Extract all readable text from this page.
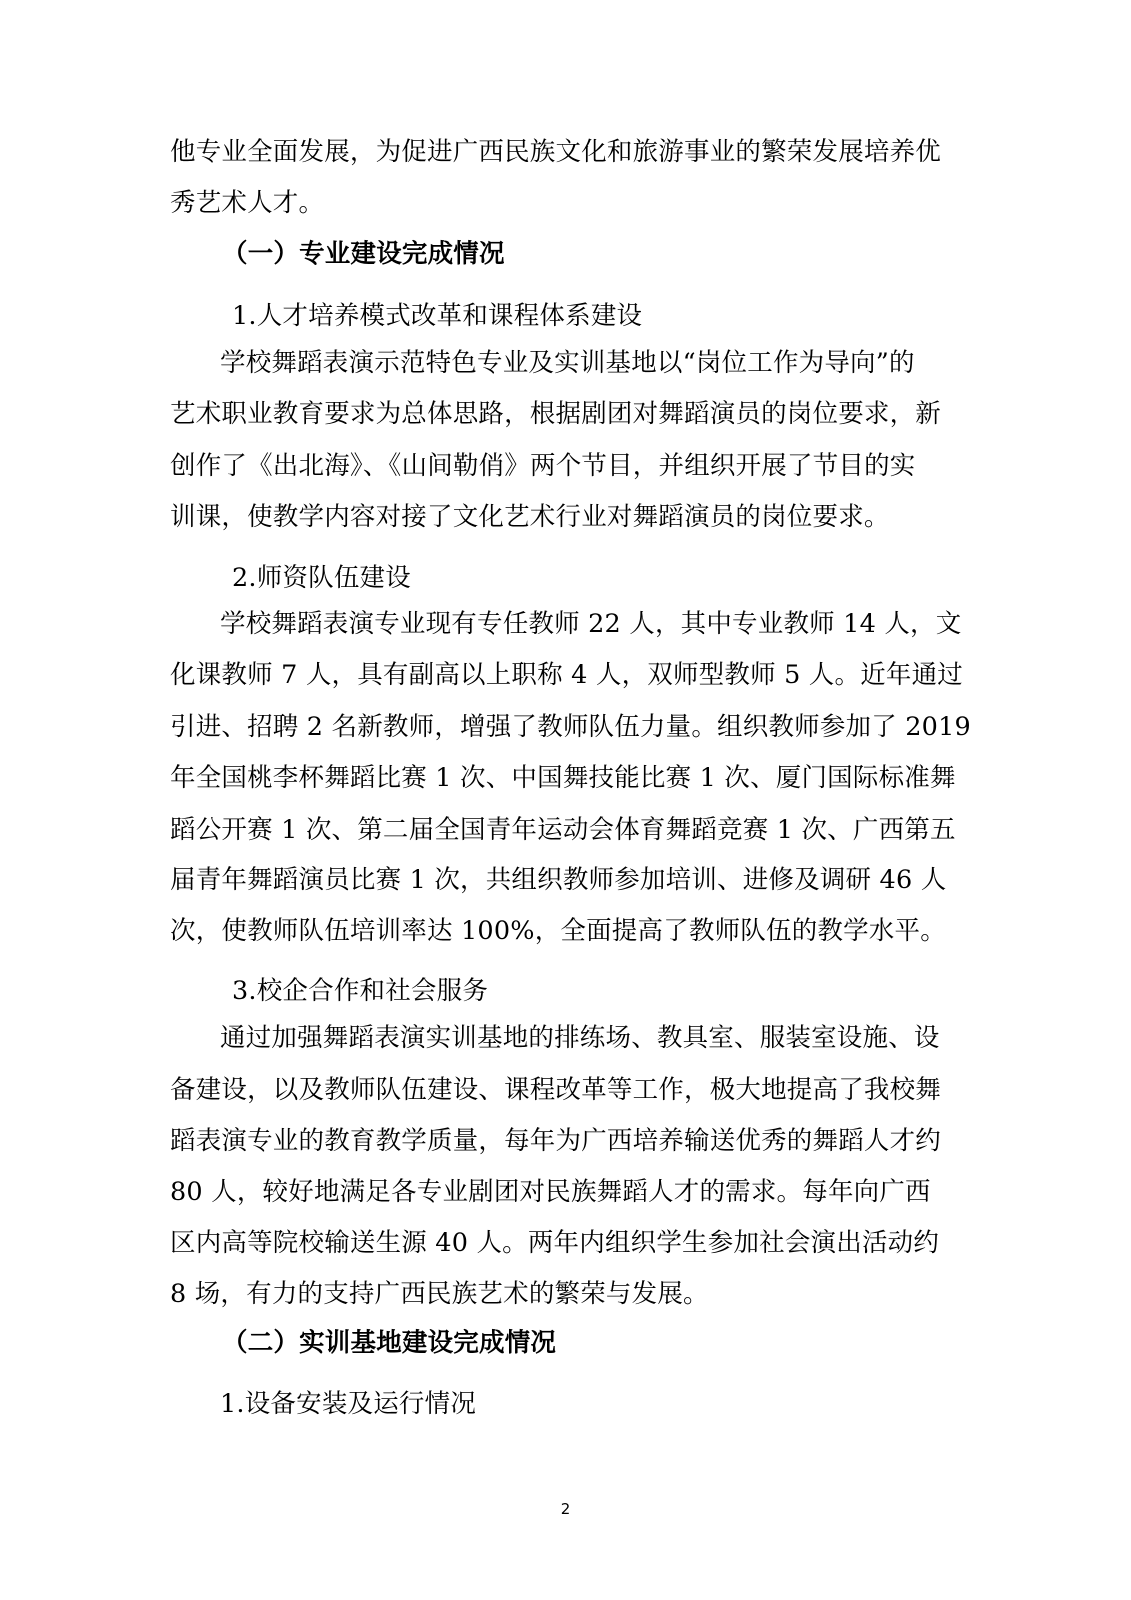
他专业全面发展，为促进广西民族文化和旅游事业的繁荣发展培养优
秀艺术人才。
（一）专业建设完成情况
1.人才培养模式改革和课程体系建设
学校舞蹈表演示范特色专业及实训基地以“岗位工作为导向”的
艺术职业教育要求为总体思路，根据剧团对舞蹈演员的岗位要求，新
创作了《出北海》、《山间勒俏》两个节目，并组织开展了节目的实
训课，使教学内容对接了文化艺术行业对舞蹈演员的岗位要求。
2.师资队伍建设
学校舞蹈表演专业现有专任教师 22 人，其中专业教师 14 人，文
化课教师 7 人，具有副高以上职称 4 人，双师型教师 5 人。近年通过
引进、招聘 2 名新教师，增强了教师队伍力量。组织教师参加了 2019
年全国桃李杯舞蹈比赛 1 次、中国舞技能比赛 1 次、厦门国际标准舞
蹈公开赛 1 次、第二届全国青年运动会体育舞蹈竞赛 1 次、广西第五
届青年舞蹈演员比赛 1 次，共组织教师参加培训、进修及调研 46 人
次，使教师队伍培训率达 100%，全面提高了教师队伍的教学水平。
3.校企合作和社会服务
通过加强舞蹈表演实训基地的排练场、教具室、服装室设施、设
备建设，以及教师队伍建设、课程改革等工作，极大地提高了我校舞
蹈表演专业的教育教学质量，每年为广西培养输送优秀的舞蹈人才约
80 人，较好地满足各专业剧团对民族舞蹈人才的需求。每年向广西
区内高等院校输送生源 40 人。两年内组织学生参加社会演出活动约
8 场，有力的支持广西民族艺术的繁荣与发展。
（二）实训基地建设完成情况
1.设备安装及运行情况
2
